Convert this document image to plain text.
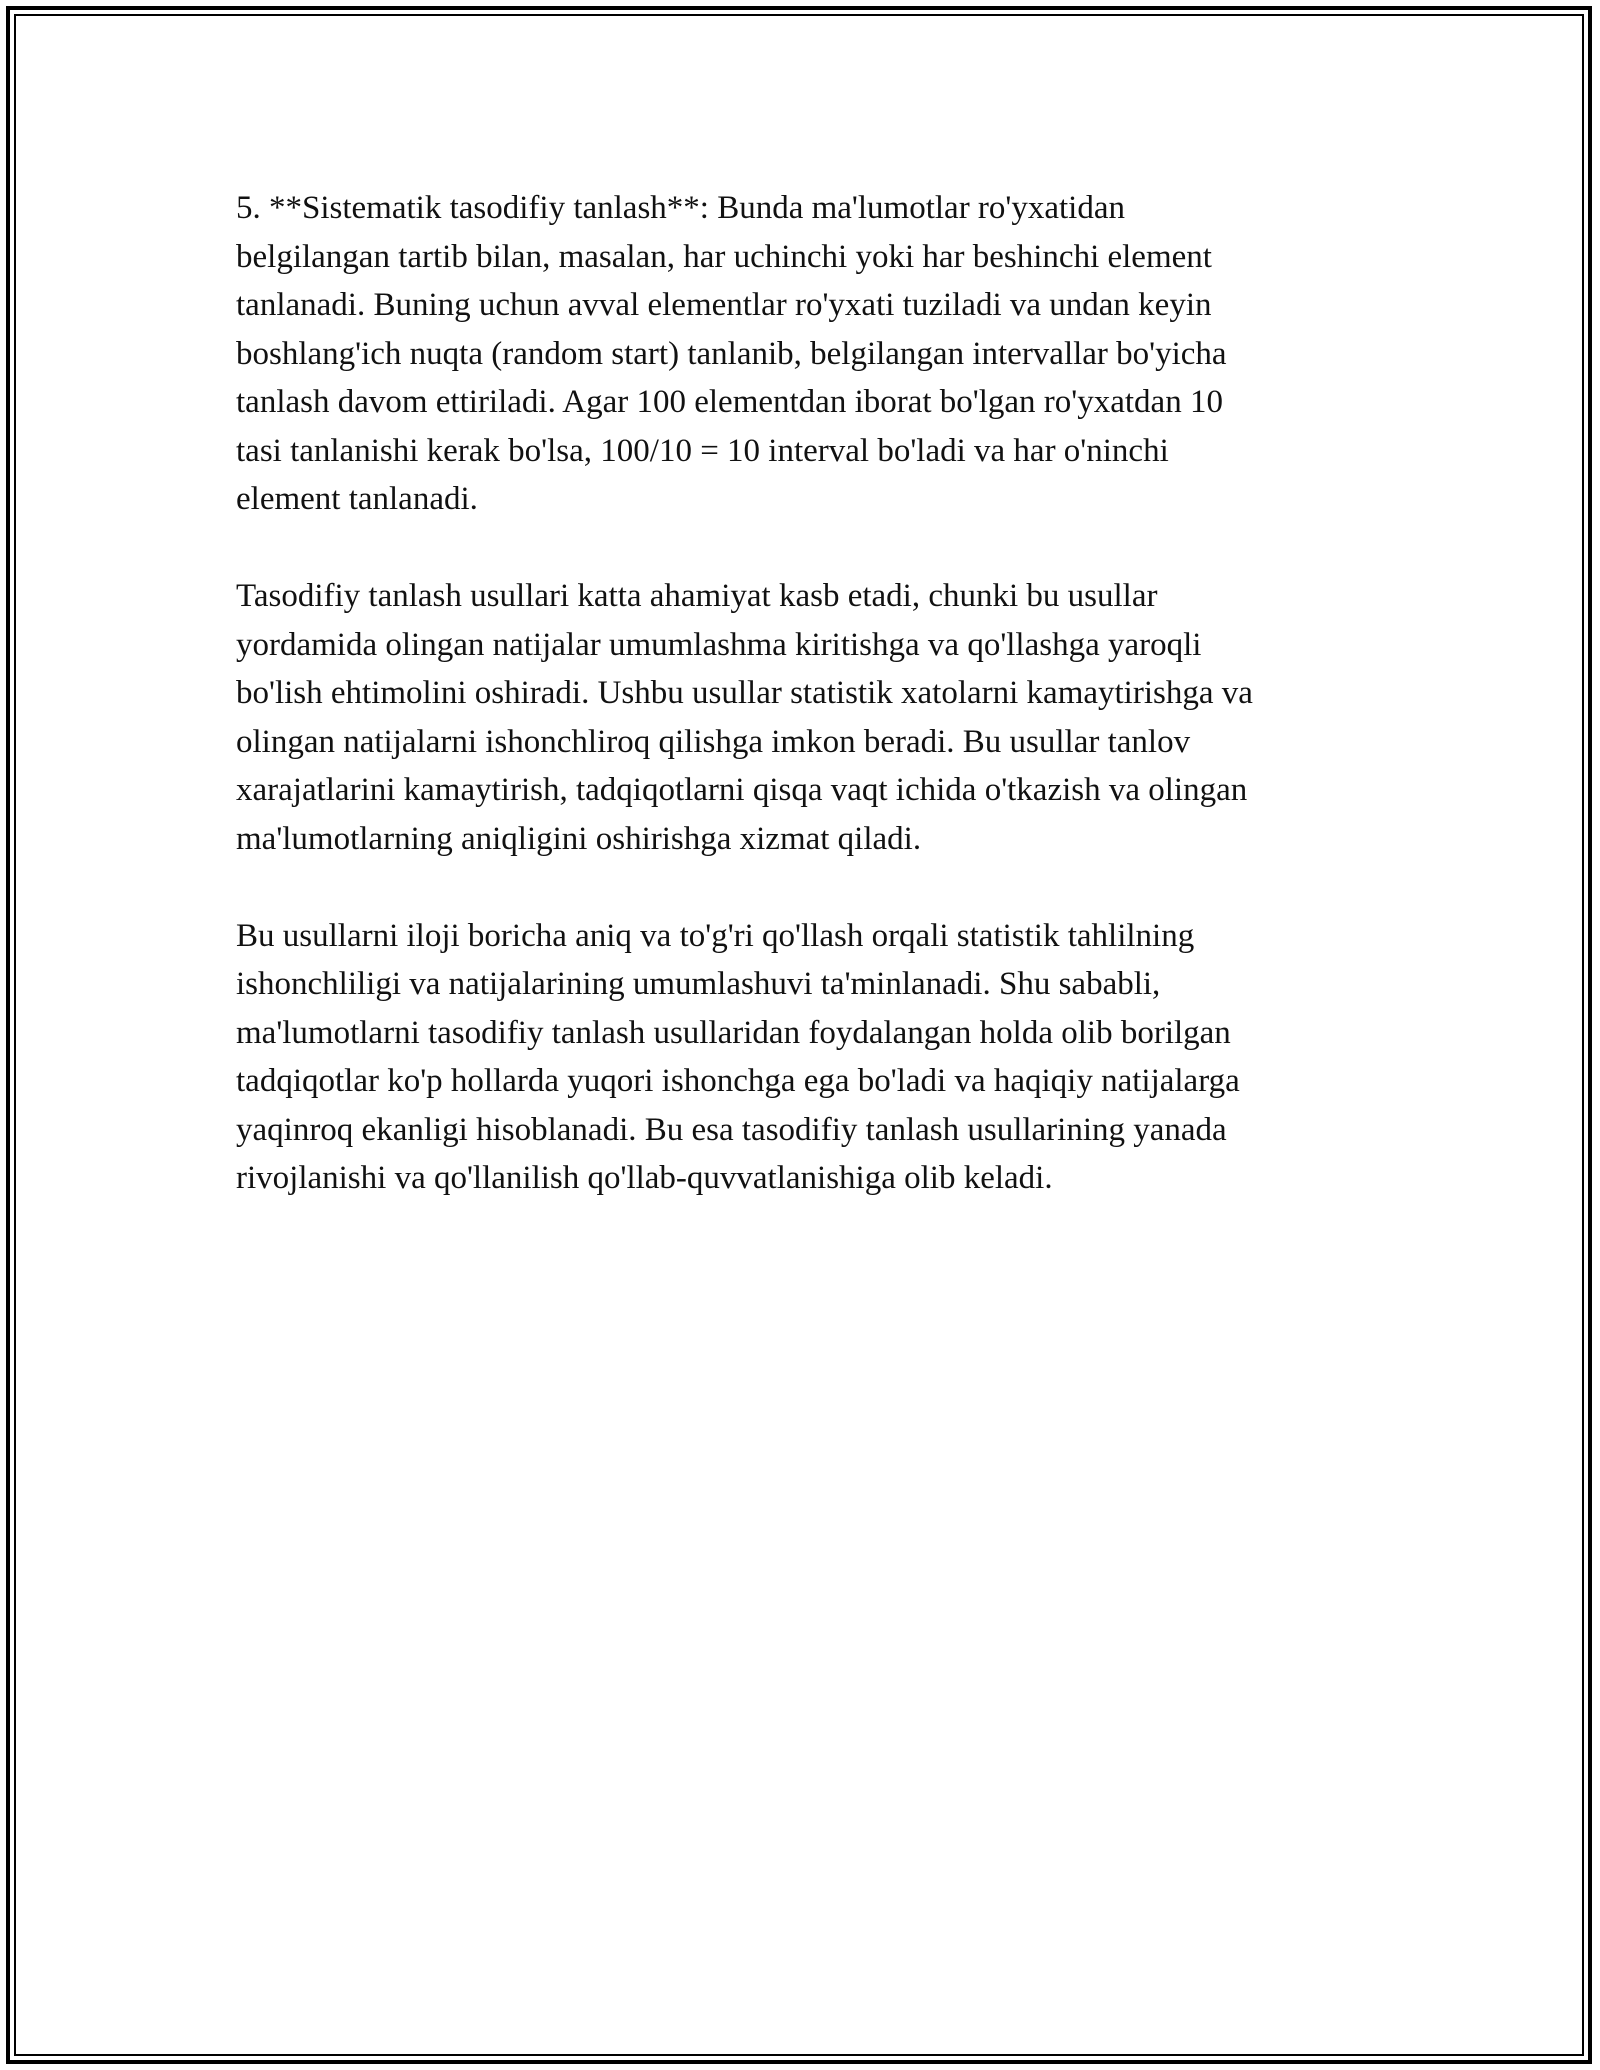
5. **Sistematik tasodifiy tanlash**: Bunda ma'lumotlar ro'yxatidan
belgilangan tartib bilan, masalan, har uchinchi yoki har beshinchi element
tanlanadi. Buning uchun avval elementlar ro'yxati tuziladi va undan keyin
boshlang'ich nuqta (random start) tanlanib, belgilangan intervallar bo'yicha
tanlash davom ettiriladi. Agar 100 elementdan iborat bo'lgan ro'yxatdan 10
tasi tanlanishi kerak bo'lsa, 100/10 = 10 interval bo'ladi va har o'ninchi
element tanlanadi.

Tasodifiy tanlash usullari katta ahamiyat kasb etadi, chunki bu usullar
yordamida olingan natijalar umumlashma kiritishga va qo'llashga yaroqli
bo'lish ehtimolini oshiradi. Ushbu usullar statistik xatolarni kamaytirishga va
olingan natijalarni ishonchliroq qilishga imkon beradi. Bu usullar tanlov
xarajatlarini kamaytirish, tadqiqotlarni qisqa vaqt ichida o'tkazish va olingan
ma'lumotlarning aniqligini oshirishga xizmat qiladi.

Bu usullarni iloji boricha aniq va to'g'ri qo'llash orqali statistik tahlilning
ishonchliligi va natijalarining umumlashuvi ta'minlanadi. Shu sababli,
ma'lumotlarni tasodifiy tanlash usullaridan foydalangan holda olib borilgan
tadqiqotlar ko'p hollarda yuqori ishonchga ega bo'ladi va haqiqiy natijalarga
yaqinroq ekanligi hisoblanadi. Bu esa tasodifiy tanlash usullarining yanada
rivojlanishi va qo'llanilish qo'llab-quvvatlanishiga olib keladi.
